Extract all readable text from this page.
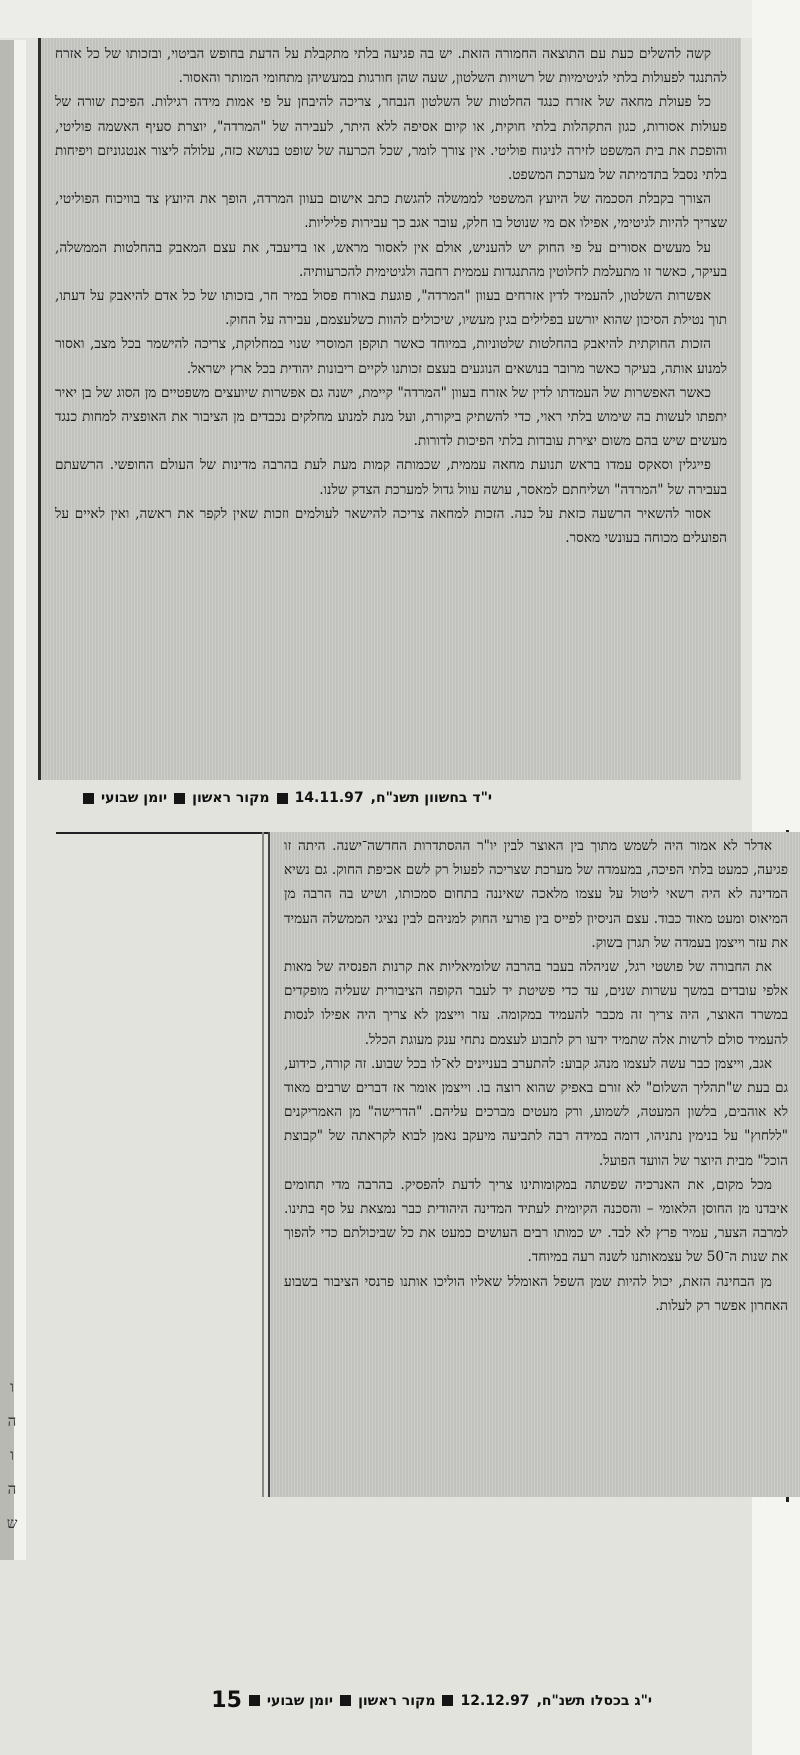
ו
ה
ו
ה
ש

קשה להשלים כעת עם התוצאה החמורה הזאת. יש בה פגיעה בלתי מתקבלת על הדעת בחופש הביטוי, ובזכותו של כל אזרח להתנגד לפעולות בלתי לגיטימיות של רשויות השלטון, שעה שהן חורגות במעשיהן מתחומי המותר והאסור.

כל פעולת מחאה של אזרח כנגד החלטות של השלטון הנבחר, צריכה להיבחן על פי אמות מידה רגילות. הפיכת שורה של פעולות אסורות, כגון התקהלות בלתי חוקית, או קיום אסיפה ללא היתר, לעבירה של "המרדה", יוצרת סעיף האשמה פוליטי, והופכת את בית המשפט לזירה לניגוח פוליטי. אין צורך לומר, שכל הכרעה של שופט בנושא כזה, עלולה ליצור אנטגוניזם ויפיחות בלתי נסבל בתדמיתה של מערכת המשפט.

הצורך בקבלת הסכמה של היועץ המשפטי לממשלה להגשת כתב אישום בעוון המרדה, הופך את היועץ צד בוויכוח הפוליטי, שצריך להיות לגיטימי, אפילו אם מי שנוטל בו חלק, עובר אגב כך עבירות פליליות.

על מעשים אסורים על פי החוק יש להעניש, אולם אין לאסור מראש, או בדיעבד, את עצם המאבק בהחלטות הממשלה, בעיקר, כאשר זו מתעלמת לחלוטין מהתנגדות עממית רחבה ולגיטימית להכרעותיה.

אפשרות השלטון, להעמיד לדין אזרחים בעוון "המרדה", פוגעת באורח פסול במיר חר, בזכותו של כל אדם להיאבק על דעתו, תוך נטילת הסיכון שהוא יורשע בפלילים בגין מעשיו, שיכולים להוות כשלעצמם, עבירה על החוק.

הזכות החוקתית להיאבק בהחלטות שלטוניות, במיוחד כאשר תוקפן המוסרי שנוי במחלוקת, צריכה להישמר בכל מצב, ואסור למנוע אותה, בעיקר כאשר מרובר בנושאים הנוגעים בעצם זכותנו לקיים ריבונות יהודית בכל ארץ ישראל.

כאשר האפשרות של העמדתו לדין של אזרח בעוון "המרדה" קיימת, ישנה גם אפשרות שיועצים משפטיים מן הסוג של בן יאיר יתפתו לעשות בה שימוש בלתי ראוי, כדי להשתיק ביקורת, ועל מנת למנוע מחלקים נכבדים מן הציבור את האופציה למחות כנגד מעשים שיש בהם משום יצירת עובדות בלתי הפיכות לדורות.

פייגלין וסאקס עמדו בראש תנועת מחאה עממית, שכמותה קמות מעת לעת בהרבה מדינות של העולם החופשי. הרשעתם בעבירה של "המרדה" ושליחתם למאסר, עושה עוול גדול למערכת הצדק שלנו.

אסור להשאיר הרשעה כזאת על כנה. הזכות למחאה צריכה להישאר לעולמים וזכות שאין לקפר את ראשה, ואין לאיים על הפועלים מכוחה בעונשי מאסר.

י"ד בחשוון תשנ"ח,
14.11.97
מקור ראשון
יומן שבועי

אדלר לא אמור היה לשמש מתוך בין האוצר לבין יו"ר ההסתדרות החדשה־ישנה. היתה זו פגיעה, כמעט בלתי הפיכה, במעמדה של מערכת שצריכה לפעול רק לשם אכיפת החוק. גם נשיא המדינה לא היה רשאי ליטול על עצמו מלאכה שאיננה בתחום סמכותו, ושיש בה הרבה מן המיאוס ומעט מאוד כבוד. עצם הניסיון לפייס בין פורעי החוק למניהם לבין נציגי הממשלה העמיד את עזר וייצמן בעמדה של תגרן בשוק.

את החבורה של פושטי רגל, שניהלה בעבר בהרבה שלומיאליות את קרנות הפנסיה של מאות אלפי עובדים במשך עשרות שנים, עד כדי פשיטת יד לעבר הקופה הציבורית שעליה מופקדים במשרד האוצר, היה צריך זה מכבר להעמיד במקומה. עזר וייצמן לא צריך היה אפילו לנסות להעמיד סולם לרשות אלה שתמיד ידעו רק לתבוע לעצמם נתחי ענק מעוגת הכלל.

אגב, וייצמן כבר עשה לעצמו מנהג קבוע: להתערב בעניינים לא־לו בכל שבוע. זה קורה, כידוע, גם בעת ש"תהליך השלום" לא זורם באפיק שהוא רוצה בו. וייצמן אומר אז דברים שרבים מאוד לא אוהבים, בלשון המעטה, לשמוע, ורק מעטים מברכים עליהם. "הדרישה" מן האמריקנים "ללחוץ" על בנימין נתניהו, דומה במידה רבה לתביעה מיעקב נאמן לבוא לקראתה של "קבוצת הוכל" מבית היוצר של הוועד הפועל.

מכל מקום, את האנרכיה שפשתה במקומותינו צריך לדעת להפסיק. בהרבה מדי תחומים איבדנו מן החוסן הלאומי – והסכנה הקיומית לעתיד המדינה היהודית כבר נמצאת על סף בתינו. למרבה הצער, עמיר פרץ לא לבד. יש כמותו רבים העושים כמעט את כל שביכולתם כדי להפוך את שנות ה־50 של עצמאותנו לשנה רעה במיוחד.

מן הבחינה הזאת, יכול להיות שמן השפל האומלל שאליו הוליכו אותנו פרנסי הציבור בשבוע האחרון אפשר רק לעלות.

י"ג בכסלו תשנ"ח,
12.12.97
מקור ראשון
יומן שבועי
15
